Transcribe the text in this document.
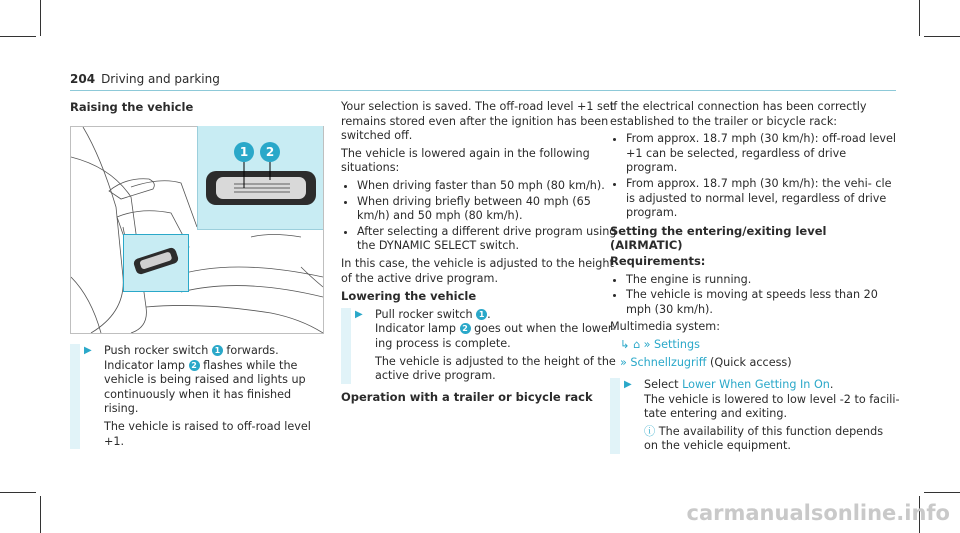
204 Driving and parking
Raising the vehicle
1 2
▶ Push rocker switch 1 forwards.
Indicator lamp 2 flashes while the vehicle is being raised and lights up continuously when it has finished rising.

The vehicle is raised to off-road level +1.

Your selection is saved. The off-road level +1 set remains stored even after the ignition has been switched off.

The vehicle is lowered again in the following situations:

• When driving faster than 50 mph (80 km/h).
• When driving briefly between 40 mph (65 km/h) and 50 mph (80 km/h).
• After selecting a different drive program using the DYNAMIC SELECT switch.

In this case, the vehicle is adjusted to the height of the active drive program.

Lowering the vehicle
▶ Pull rocker switch 1 .
Indicator lamp 2 goes out when the lower- ing process is complete.

The vehicle is adjusted to the height of the active drive program.

Operation with a trailer or bicycle rack

If the electrical connection has been correctly established to the trailer or bicycle rack:

• From approx. 18.7 mph (30 km/h): off-road level +1 can be selected, regardless of drive program.
• From approx. 18.7 mph (30 km/h): the vehi- cle is adjusted to normal level, regardless of drive program.
Setting the entering/exiting level (AIRMATIC)
Requirements:
• The engine is running.
• The vehicle is moving at speeds less than 20 mph (30 km/h).

Multimedia system:

↳ ⌂ » Settings

» Schnellzugriff (Quick access)

▶ Select Lower When Getting In On.
The vehicle is lowered to low level -2 to facili- tate entering and exiting.

ⓘ The availability of this function depends on the vehicle equipment.

carmanualsonline.info
